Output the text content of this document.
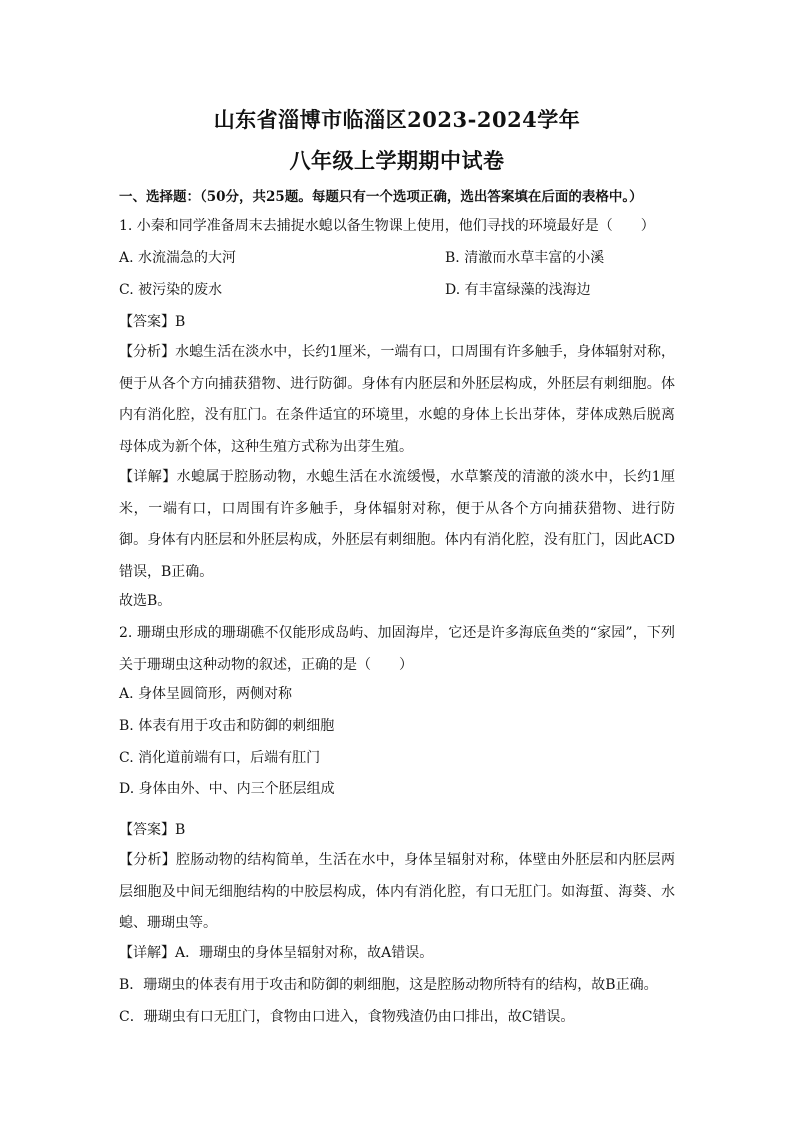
山东省淄博市临淄区2023-2024学年
八年级上学期期中试卷
一、选择题：（50分，共25题。每题只有一个选项正确，选出答案填在后面的表格中。）
1. 小秦和同学准备周末去捕捉水螅以备生物课上使用，他们寻找的环境最好是（　　）
A. 水流湍急的大河	B. 清澈而水草丰富的小溪
C. 被污染的废水	D. 有丰富绿藻的浅海边
【答案】B
【分析】水螅生活在淡水中，长约1厘米，一端有口，口周围有许多触手，身体辐射对称，便于从各个方向捕获猎物、进行防御。身体有内胚层和外胚层构成，外胚层有刺细胞。体内有消化腔，没有肛门。在条件适宜的环境里，水螅的身体上长出芽体，芽体成熟后脱离母体成为新个体，这种生殖方式称为出芽生殖。
【详解】水螅属于腔肠动物，水螅生活在水流缓慢，水草繁茂的清澈的淡水中，长约1厘米，一端有口，口周围有许多触手，身体辐射对称，便于从各个方向捕获猎物、进行防御。身体有内胚层和外胚层构成，外胚层有刺细胞。体内有消化腔，没有肛门，因此ACD错误，B正确。
故选B。
2. 珊瑚虫形成的珊瑚礁不仅能形成岛屿、加固海岸，它还是许多海底鱼类的“家园”，下列关于珊瑚虫这种动物的叙述，正确的是（　　）
A. 身体呈圆筒形，两侧对称
B. 体表有用于攻击和防御的刺细胞
C. 消化道前端有口，后端有肛门
D. 身体由外、中、内三个胚层组成
【答案】B
【分析】腔肠动物的结构简单，生活在水中，身体呈辐射对称，体壁由外胚层和内胚层两层细胞及中间无细胞结构的中胶层构成，体内有消化腔，有口无肛门。如海蜇、海葵、水螅、珊瑚虫等。
【详解】A．珊瑚虫的身体呈辐射对称，故A错误。
B．珊瑚虫的体表有用于攻击和防御的刺细胞，这是腔肠动物所特有的结构，故B正确。
C．珊瑚虫有口无肛门，食物由口进入，食物残渣仍由口排出，故C错误。
